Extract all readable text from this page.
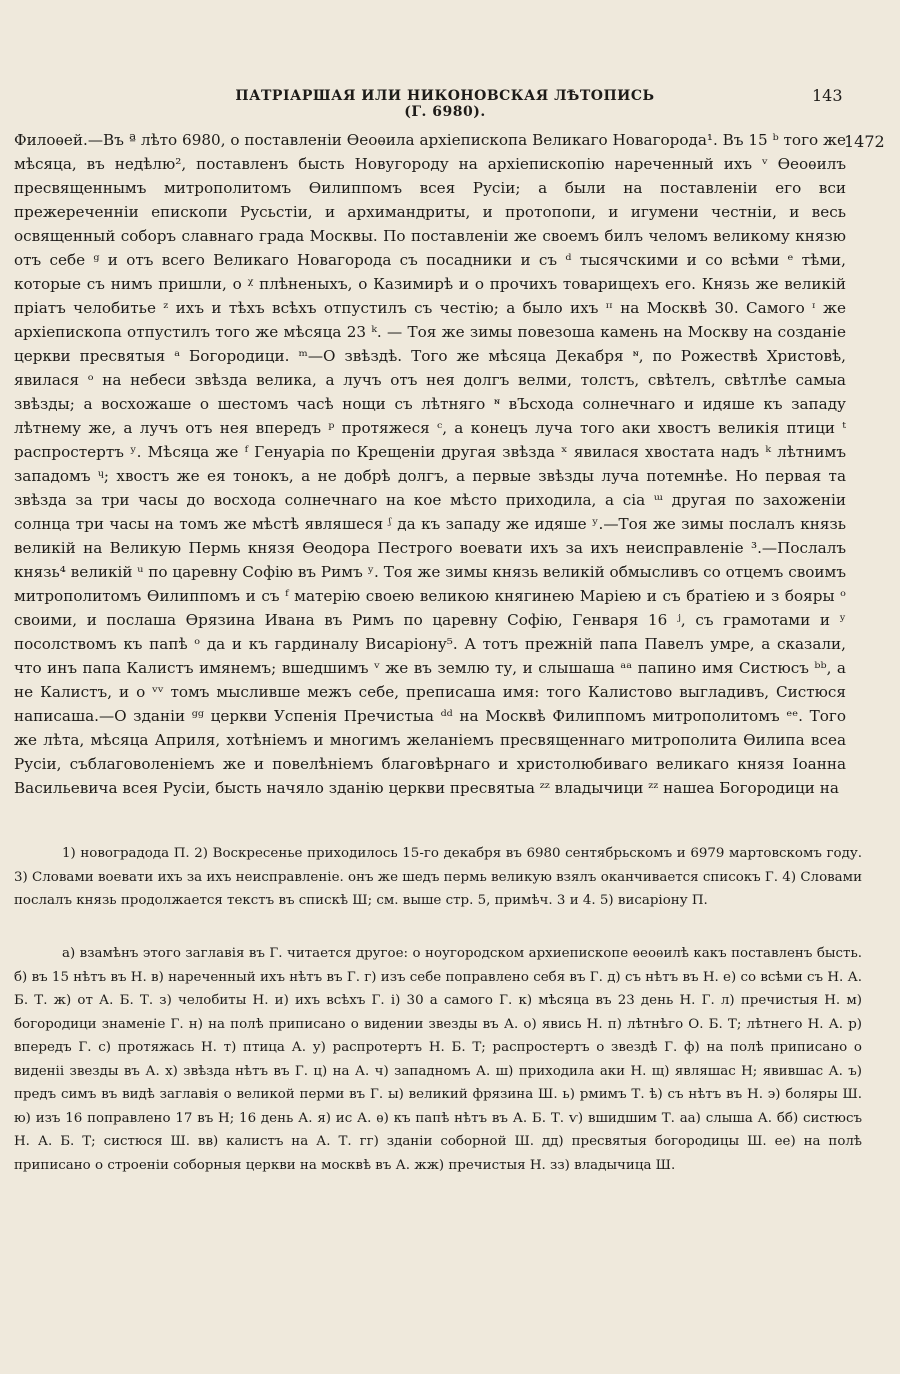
ПАТРІАРШАЯ ИЛИ НИКОНОВСКАЯ ЛѢТОПИСЬ (Г. 6980).
143
1472

Филоѳей.—Въ ª лѣто 6980, о поставленіи Ѳеоѳила архіепископа Великаго Новагорода¹. Въ 15 ᵇ того же мѣсяца, въ недѣлю², поставленъ бысть Новугороду на архіепископію нареченный ихъ ᵛ Ѳеоѳилъ пресвященнымъ митрополитомъ Ѳилиппомъ всея Русіи; а были на поставленіи его вси прежереченнiи епископи Русьстіи, и архимандриты, и протопопи, и игумени честніи, и весь освященный соборъ славнагo града Москвы. По поставленіи же своемъ билъ челомъ великому князю отъ себе ᵍ и отъ всего Великаго Новагорода съ посадники и съ ᵈ тысячскими и со всѣми ᵉ тѣми, которые съ нимъ пришли, о ᵡ плѣненыхъ, о Казимирѣ и о прочихъ товарищехъ его. Князь же великій пріатъ челобитье ᶻ ихъ и тѣхъ всѣхъ отпустилъ съ честію; а было ихъ ᶦᶦ на Москвѣ 30. Самого ᶦ же архіепископа отпустилъ того же мѣсяца 23 ᵏ. — Тоя же зимы повезоша камень на Москву на созданіе церкви пресвятыя ᵃ Богородици. ᵐ—О звѣздѣ. Того же мѣсяца Декабря ᶰ, по Рожествѣ Христовѣ, явилася ᵒ на небеси звѣзда велика, а лучъ отъ нея долгъ велми, толстъ, свѣтелъ, свѣтлѣе самыа звѣзды; а восхожаше о шестомъ часѣ нощи съ лѣтняго ᶰ вЪсхода солнечнаго и идяше къ западу лѣтнему же, а лучъ отъ нея впередъ ᵖ протяжеся ᶜ, а конецъ луча того аки хвостъ великія птици ᵗ распростертъ ʸ. Мѣсяца же ᶠ Генуаріа по Крещеніи другая звѣзда ˣ явилася хвостата надъ ᵏ лѣтнимъ западомъ ᶣ; хвостъ же ея тонокъ, а не добрѣ долгъ, а первые звѣзды луча потемнѣе. Но первая та звѣзда за три часы до восхода солнечнаго на кое мѣсто приходила, а сіа ᵚ другая по захоженіи солнца три часы на томъ же мѣстѣ являшеся ᶴ да къ западу же идяше ʸ.—Тоя же зимы послалъ князь великій на Великую Пермь князя Ѳеодора Пестрого воевати ихъ за ихъ неисправленіе ³.—Послалъ князь⁴ великій ᵘ по царевну Софію въ Римъ ʸ. Тоя же зимы князь великій обмысливъ со отцемъ своимъ митрополитомъ Ѳилиппомъ и съ ᶠ матерію своею великою княгинею Маріею и съ братіею и з бояры ᵒ своими, и послаша Ѳрязина Ивана въ Римъ по царевну Софію, Генваря 16 ʲ, съ грамотами и ʸ посолствомъ къ папѣ ᵒ да и къ гардиналу Висаріону⁵. А тотъ прежній папа Павелъ умре, а сказали, что инъ папа Калистъ имянемъ; вшедшимъ ᵛ же въ землю ту, и слышаша ᵃᵃ папино имя Систюсъ ᵇᵇ, а не Калистъ, и о ᵛᵛ томъ мысливше межъ себе, преписаша имя: того Калистово выгладивъ, Систюся написаша.—О зданіи ᵍᵍ церкви Успенія Пречистыа ᵈᵈ на Москвѣ Филиппомъ митрополитомъ ᵉᵉ. Того же лѣта, мѣсяца Априля, хотѣніемъ и многимъ желаніемъ пресвященнаго митрополита Ѳилипа всеа Русіи, съблаговоленіемъ же и повелѣніемъ благовѣрнаго и христолюбиваго великаго князя Іоанна Васильевича всея Русіи, бысть начяло зданію церкви пресвятыа ᶻᶻ владычици ᶻᶻ нашеа Богородици на

1) новоградода П. 2) Воскресенье приходилось 15-го декабря въ 6980 сентябрьскомъ и 6979 мартовскомъ году. 3) Словами воевати ихъ за ихъ неисправленіе. онъ же шедъ пермь великую взялъ оканчивается списокъ Г. 4) Словами послалъ князь продолжается текстъ въ спискѣ Ш; см. выше стр. 5, примѣч. 3 и 4. 5) висаріону П.

а) взамѣнъ этого заглавія въ Г. читается другое: о ноугородском архиепископе ѳеоѳилѣ какъ поставленъ бысть. б) въ 15 нѣтъ въ Н. в) нареченный ихъ нѣтъ въ Г. г) изъ себе поправлено себя въ Г. д) съ нѣтъ въ Н. е) со всѣми съ Н. А. Б. Т. ж) от А. Б. Т. з) челобиты Н. и) ихъ всѣхъ Г. і) 30 а самого Г. к) мѣсяца въ 23 день Н. Г. л) пречистыя Н. м) богородици знаменіе Г. н) на полѣ приписано о видении звезды въ А. о) явись Н. п) лѣтнѣго О. Б. Т; лѣтнего Н. А. р) впередъ Г. с) протяжась Н. т) птица А. у) распротертъ Н. Б. Т; распростертъ о звездѣ Г. ф) на полѣ приписано о виденiі звезды въ А. х) звѣзда нѣтъ въ Г. ц) на А. ч) западномъ А. ш) приходила аки Н. щ) являшас Н; явившас А. ъ) предъ симъ въ видѣ заглавія о великой перми въ Г. ы) великий фрязина Ш. ь) рмимъ Т. ѣ) съ нѣтъ въ Н. э) боляры Ш. ю) изъ 16 поправлено 17 въ Н; 16 день А. я) ис А. ѳ) къ папѣ нѣтъ въ А. Б. Т. ѵ) вшидшим Т. аа) слыша А. бб) систюсъ Н. А. Б. Т; систюся Ш. вв) калистъ на А. Т. гг) зданіи соборной Ш. дд) пресвятыя богородицы Ш. ее) на полѣ приписано о строеніи соборныя церкви на москвѣ въ А. жж) пречистыя Н. зз) владычица Ш.
